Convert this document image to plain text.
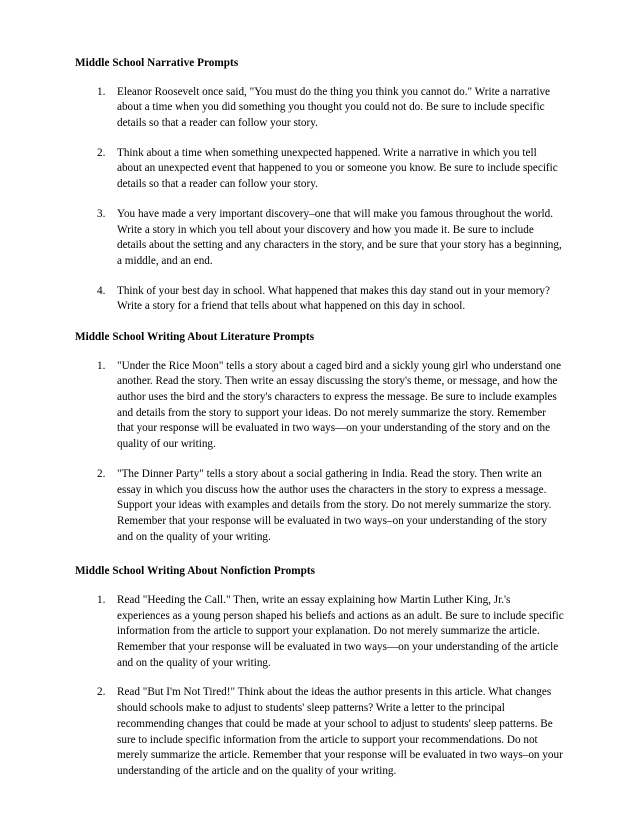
Middle School Narrative Prompts
1.	Eleanor Roosevelt once said, "You must do the thing you think you cannot do." Write a narrative about a time when you did something you thought you could not do. Be sure to include specific details so that a reader can follow your story.
2.	Think about a time when something unexpected happened. Write a narrative in which you tell about an unexpected event that happened to you or someone you know. Be sure to include specific details so that a reader can follow your story.
3.	You have made a very important discovery–one that will make you famous throughout the world. Write a story in which you tell about your discovery and how you made it. Be sure to include details about the setting and any characters in the story, and be sure that your story has a beginning, a middle, and an end.
4.	Think of your best day in school. What happened that makes this day stand out in your memory? Write a story for a friend that tells about what happened on this day in school.
Middle School Writing About Literature Prompts
1.	"Under the Rice Moon" tells a story about a caged bird and a sickly young girl who understand one another. Read the story. Then write an essay discussing the story's theme, or message, and how the author uses the bird and the story's characters to express the message. Be sure to include examples and details from the story to support your ideas. Do not merely summarize the story. Remember that your response will be evaluated in two ways—on your understanding of the story and on the quality of our writing.
2.	"The Dinner Party" tells a story about a social gathering in India. Read the story. Then write an essay in which you discuss how the author uses the characters in the story to express a message. Support your ideas with examples and details from the story. Do not merely summarize the story. Remember that your response will be evaluated in two ways–on your understanding of the story and on the quality of your writing.
Middle School Writing About Nonfiction Prompts
1.	Read "Heeding the Call." Then, write an essay explaining how Martin Luther King, Jr.'s experiences as a young person shaped his beliefs and actions as an adult. Be sure to include specific information from the article to support your explanation. Do not merely summarize the article. Remember that your response will be evaluated in two ways—on your understanding of the article and on the quality of your writing.
2.	Read "But I'm Not Tired!" Think about the ideas the author presents in this article. What changes should schools make to adjust to students' sleep patterns? Write a letter to the principal recommending changes that could be made at your school to adjust to students' sleep patterns. Be sure to include specific information from the article to support your recommendations. Do not merely summarize the article. Remember that your response will be evaluated in two ways–on your understanding of the article and on the quality of your writing.
